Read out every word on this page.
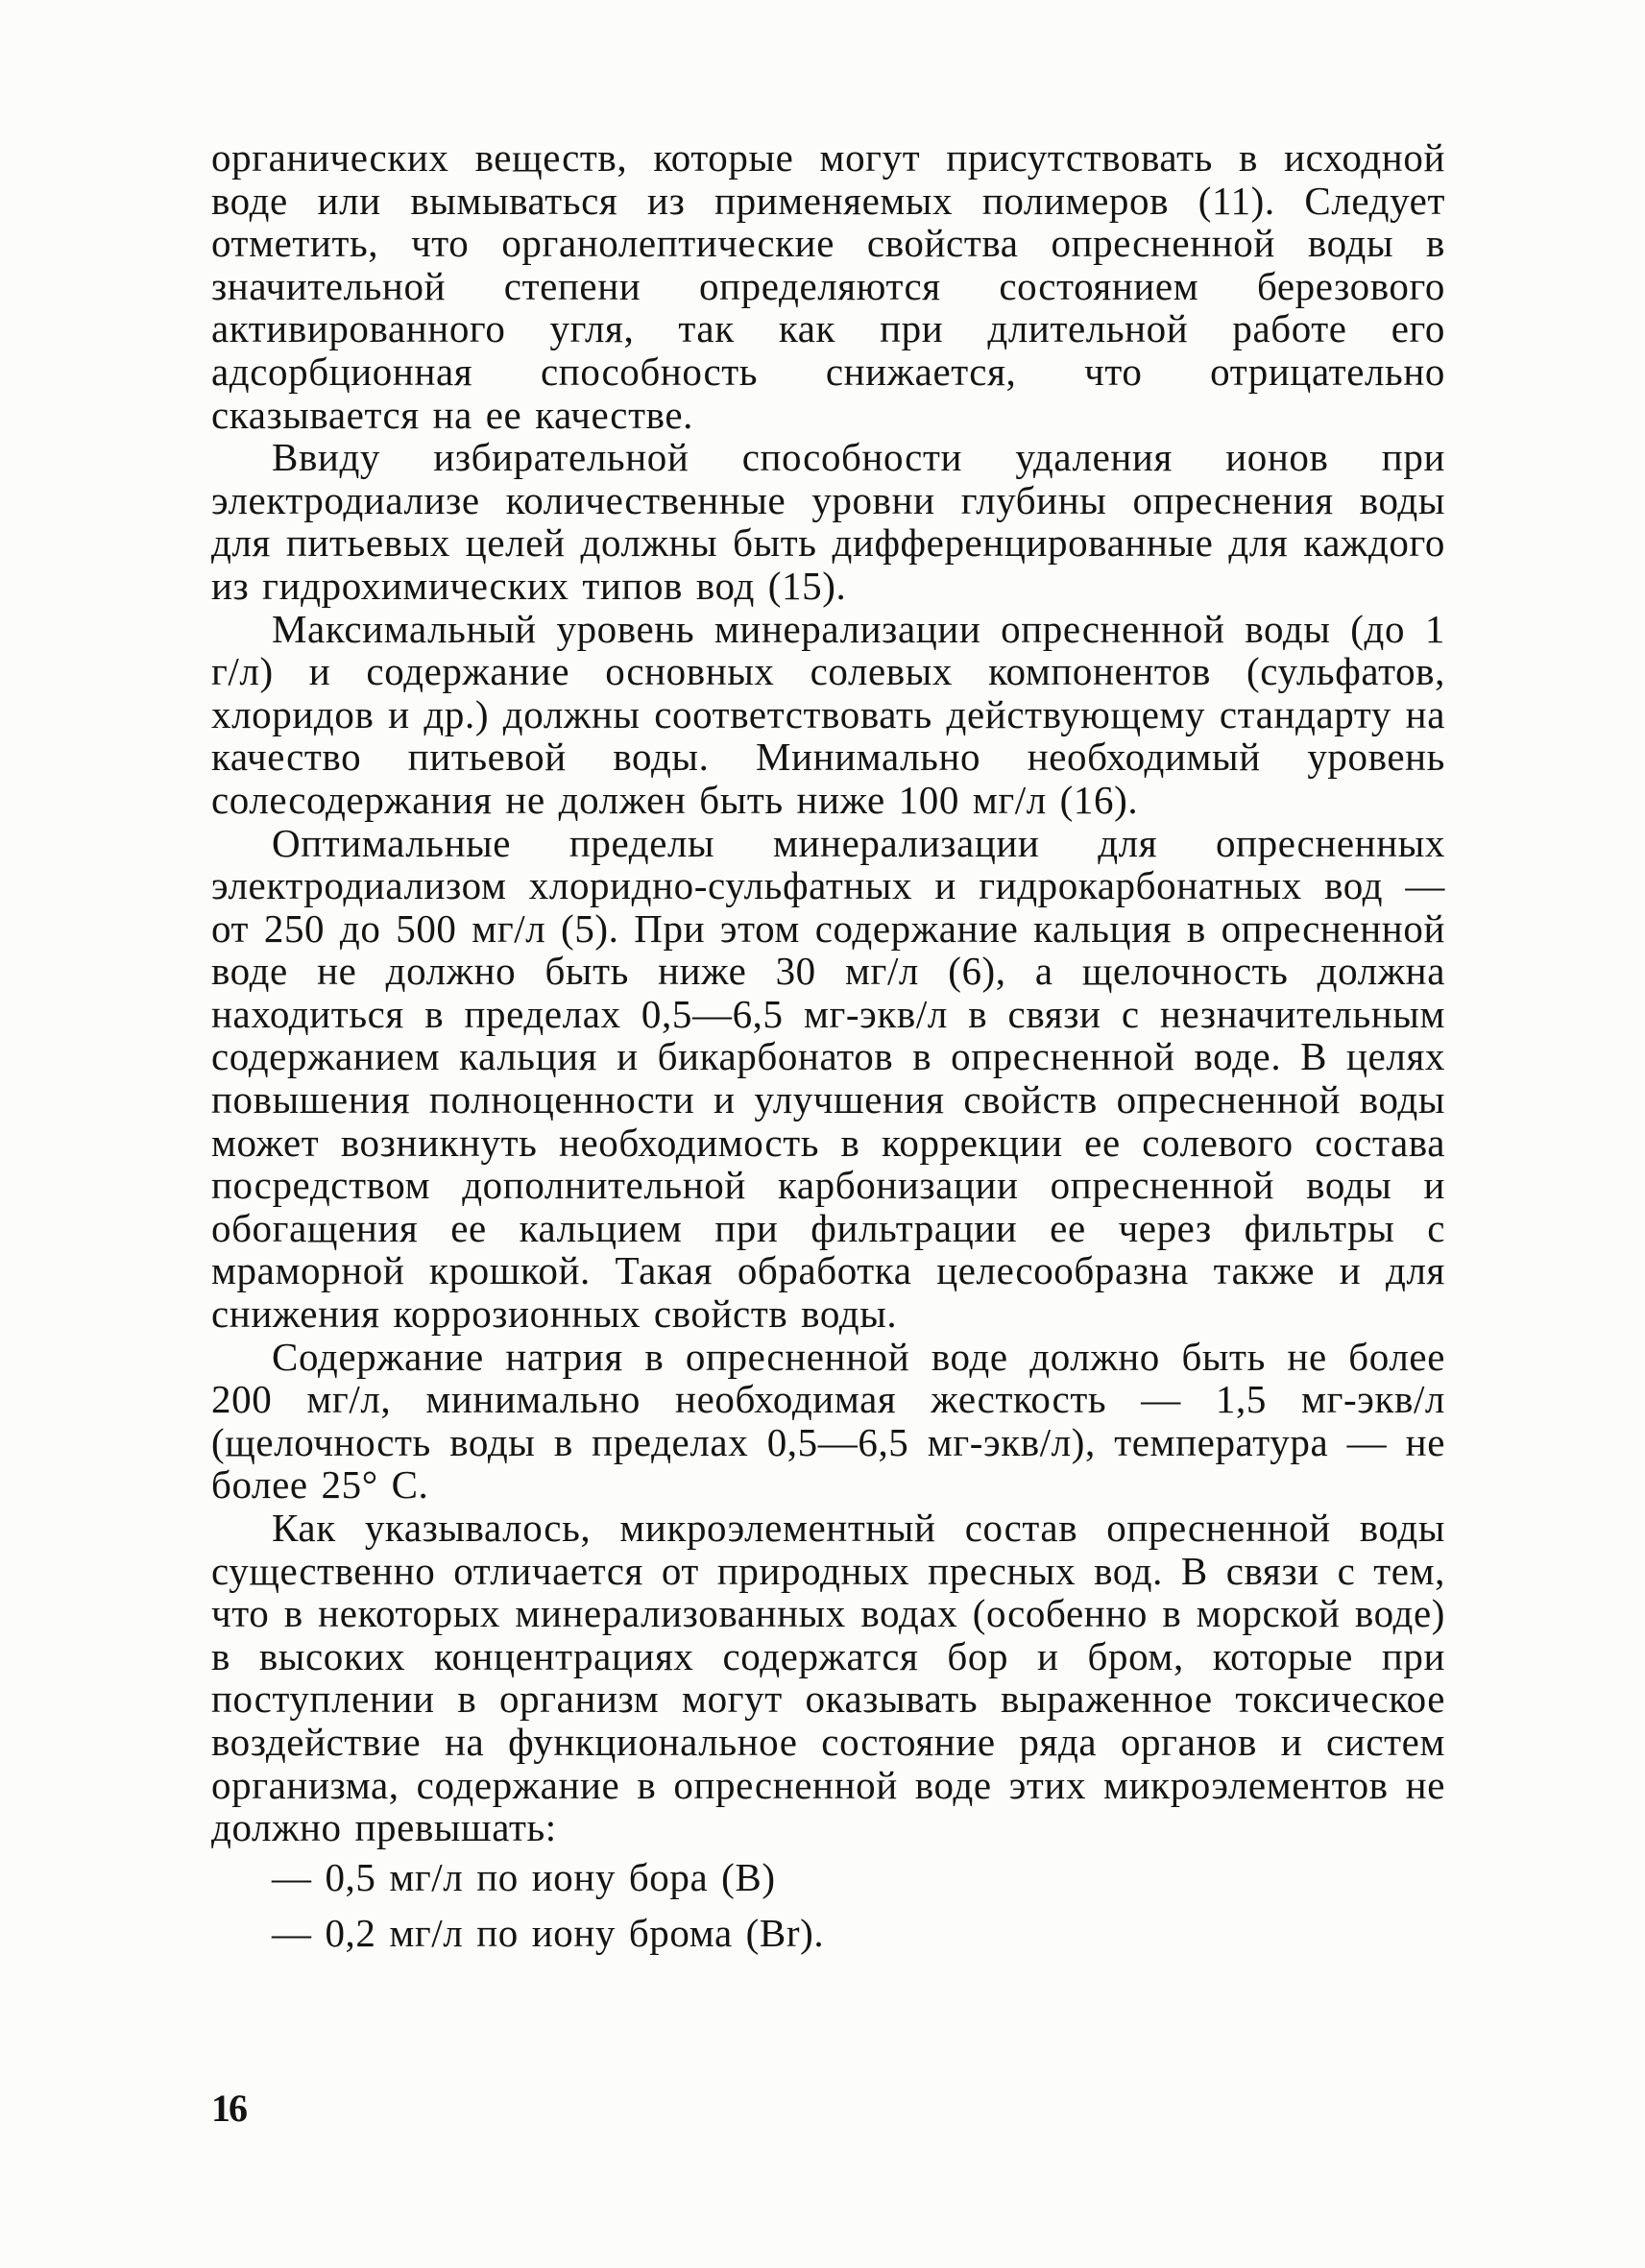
органических веществ, которые могут присутствовать в исходной воде или вымываться из применяемых полимеров (11). Следует отметить, что органолептические свойства опресненной воды в значительной степени определяются состоянием березового активированного угля, так как при длительной работе его адсорбционная способность снижается, что отрицательно сказывается на ее качестве.

Ввиду избирательной способности удаления ионов при электродиализе количественные уровни глубины опреснения воды для питьевых целей должны быть дифференцированные для каждого из гидрохимических типов вод (15).

Максимальный уровень минерализации опресненной воды (до 1 г/л) и содержание основных солевых компонентов (сульфатов, хлоридов и др.) должны соответствовать действующему стандарту на качество питьевой воды. Минимально необходимый уровень солесодержания не должен быть ниже 100 мг/л (16).

Оптимальные пределы минерализации для опресненных электродиализом хлоридно-сульфатных и гидрокарбонатных вод — от 250 до 500 мг/л (5). При этом содержание кальция в опресненной воде не должно быть ниже 30 мг/л (6), а щелочность должна находиться в пределах 0,5—6,5 мг-экв/л в связи с незначительным содержанием кальция и бикарбонатов в опресненной воде. В целях повышения полноценности и улучшения свойств опресненной воды может возникнуть необходимость в коррекции ее солевого состава посредством дополнительной карбонизации опресненной воды и обогащения ее кальцием при фильтрации ее через фильтры с мраморной крошкой. Такая обработка целесообразна также и для снижения коррозионных свойств воды.

Содержание натрия в опресненной воде должно быть не более 200 мг/л, минимально необходимая жесткость — 1,5 мг-экв/л (щелочность воды в пределах 0,5—6,5 мг-экв/л), температура — не более 25° С.

Как указывалось, микроэлементный состав опресненной воды существенно отличается от природных пресных вод. В связи с тем, что в некоторых минерализованных водах (особенно в морской воде) в высоких концентрациях содержатся бор и бром, которые при поступлении в организм могут оказывать выраженное токсическое воздействие на функциональное состояние ряда органов и систем организма, содержание в опресненной воде этих микроэлементов не должно превышать:

— 0,5 мг/л по иону бора (В)

— 0,2 мг/л по иону брома (Br).

16
